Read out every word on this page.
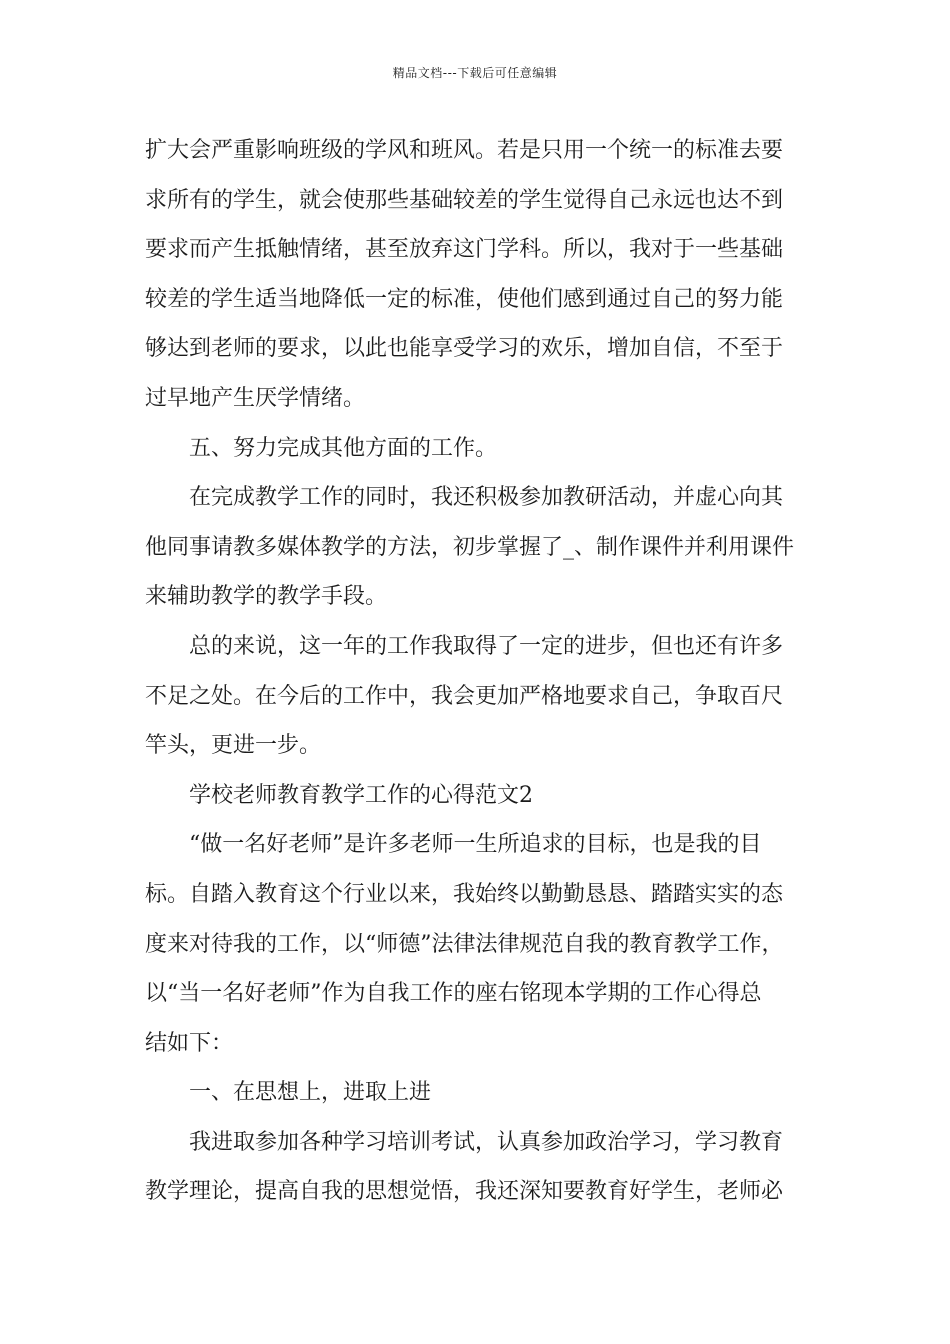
精品文档---下载后可任意编辑
扩大会严重影响班级的学风和班风。若是只用一个统一的标准去要
求所有的学生，就会使那些基础较差的学生觉得自己永远也达不到
要求而产生抵触情绪，甚至放弃这门学科。所以，我对于一些基础
较差的学生适当地降低一定的标准，使他们感到通过自己的努力能
够达到老师的要求，以此也能享受学习的欢乐，增加自信，不至于
过早地产生厌学情绪。
五、努力完成其他方面的工作。
在完成教学工作的同时，我还积极参加教研活动，并虚心向其
他同事请教多媒体教学的方法，初步掌握了_、制作课件并利用课件
来辅助教学的教学手段。
总的来说，这一年的工作我取得了一定的进步，但也还有许多
不足之处。在今后的工作中，我会更加严格地要求自己，争取百尺
竿头，更进一步。
学校老师教育教学工作的心得范文2
“做一名好老师”是许多老师一生所追求的目标，也是我的目
标。自踏入教育这个行业以来，我始终以勤勤恳恳、踏踏实实的态
度来对待我的工作，以“师德”法律法律规范自我的教育教学工作，
以“当一名好老师”作为自我工作的座右铭现本学期的工作心得总
结如下：
一、在思想上，进取上进
我进取参加各种学习培训考试，认真参加政治学习，学习教育
教学理论，提高自我的思想觉悟，我还深知要教育好学生，老师必
